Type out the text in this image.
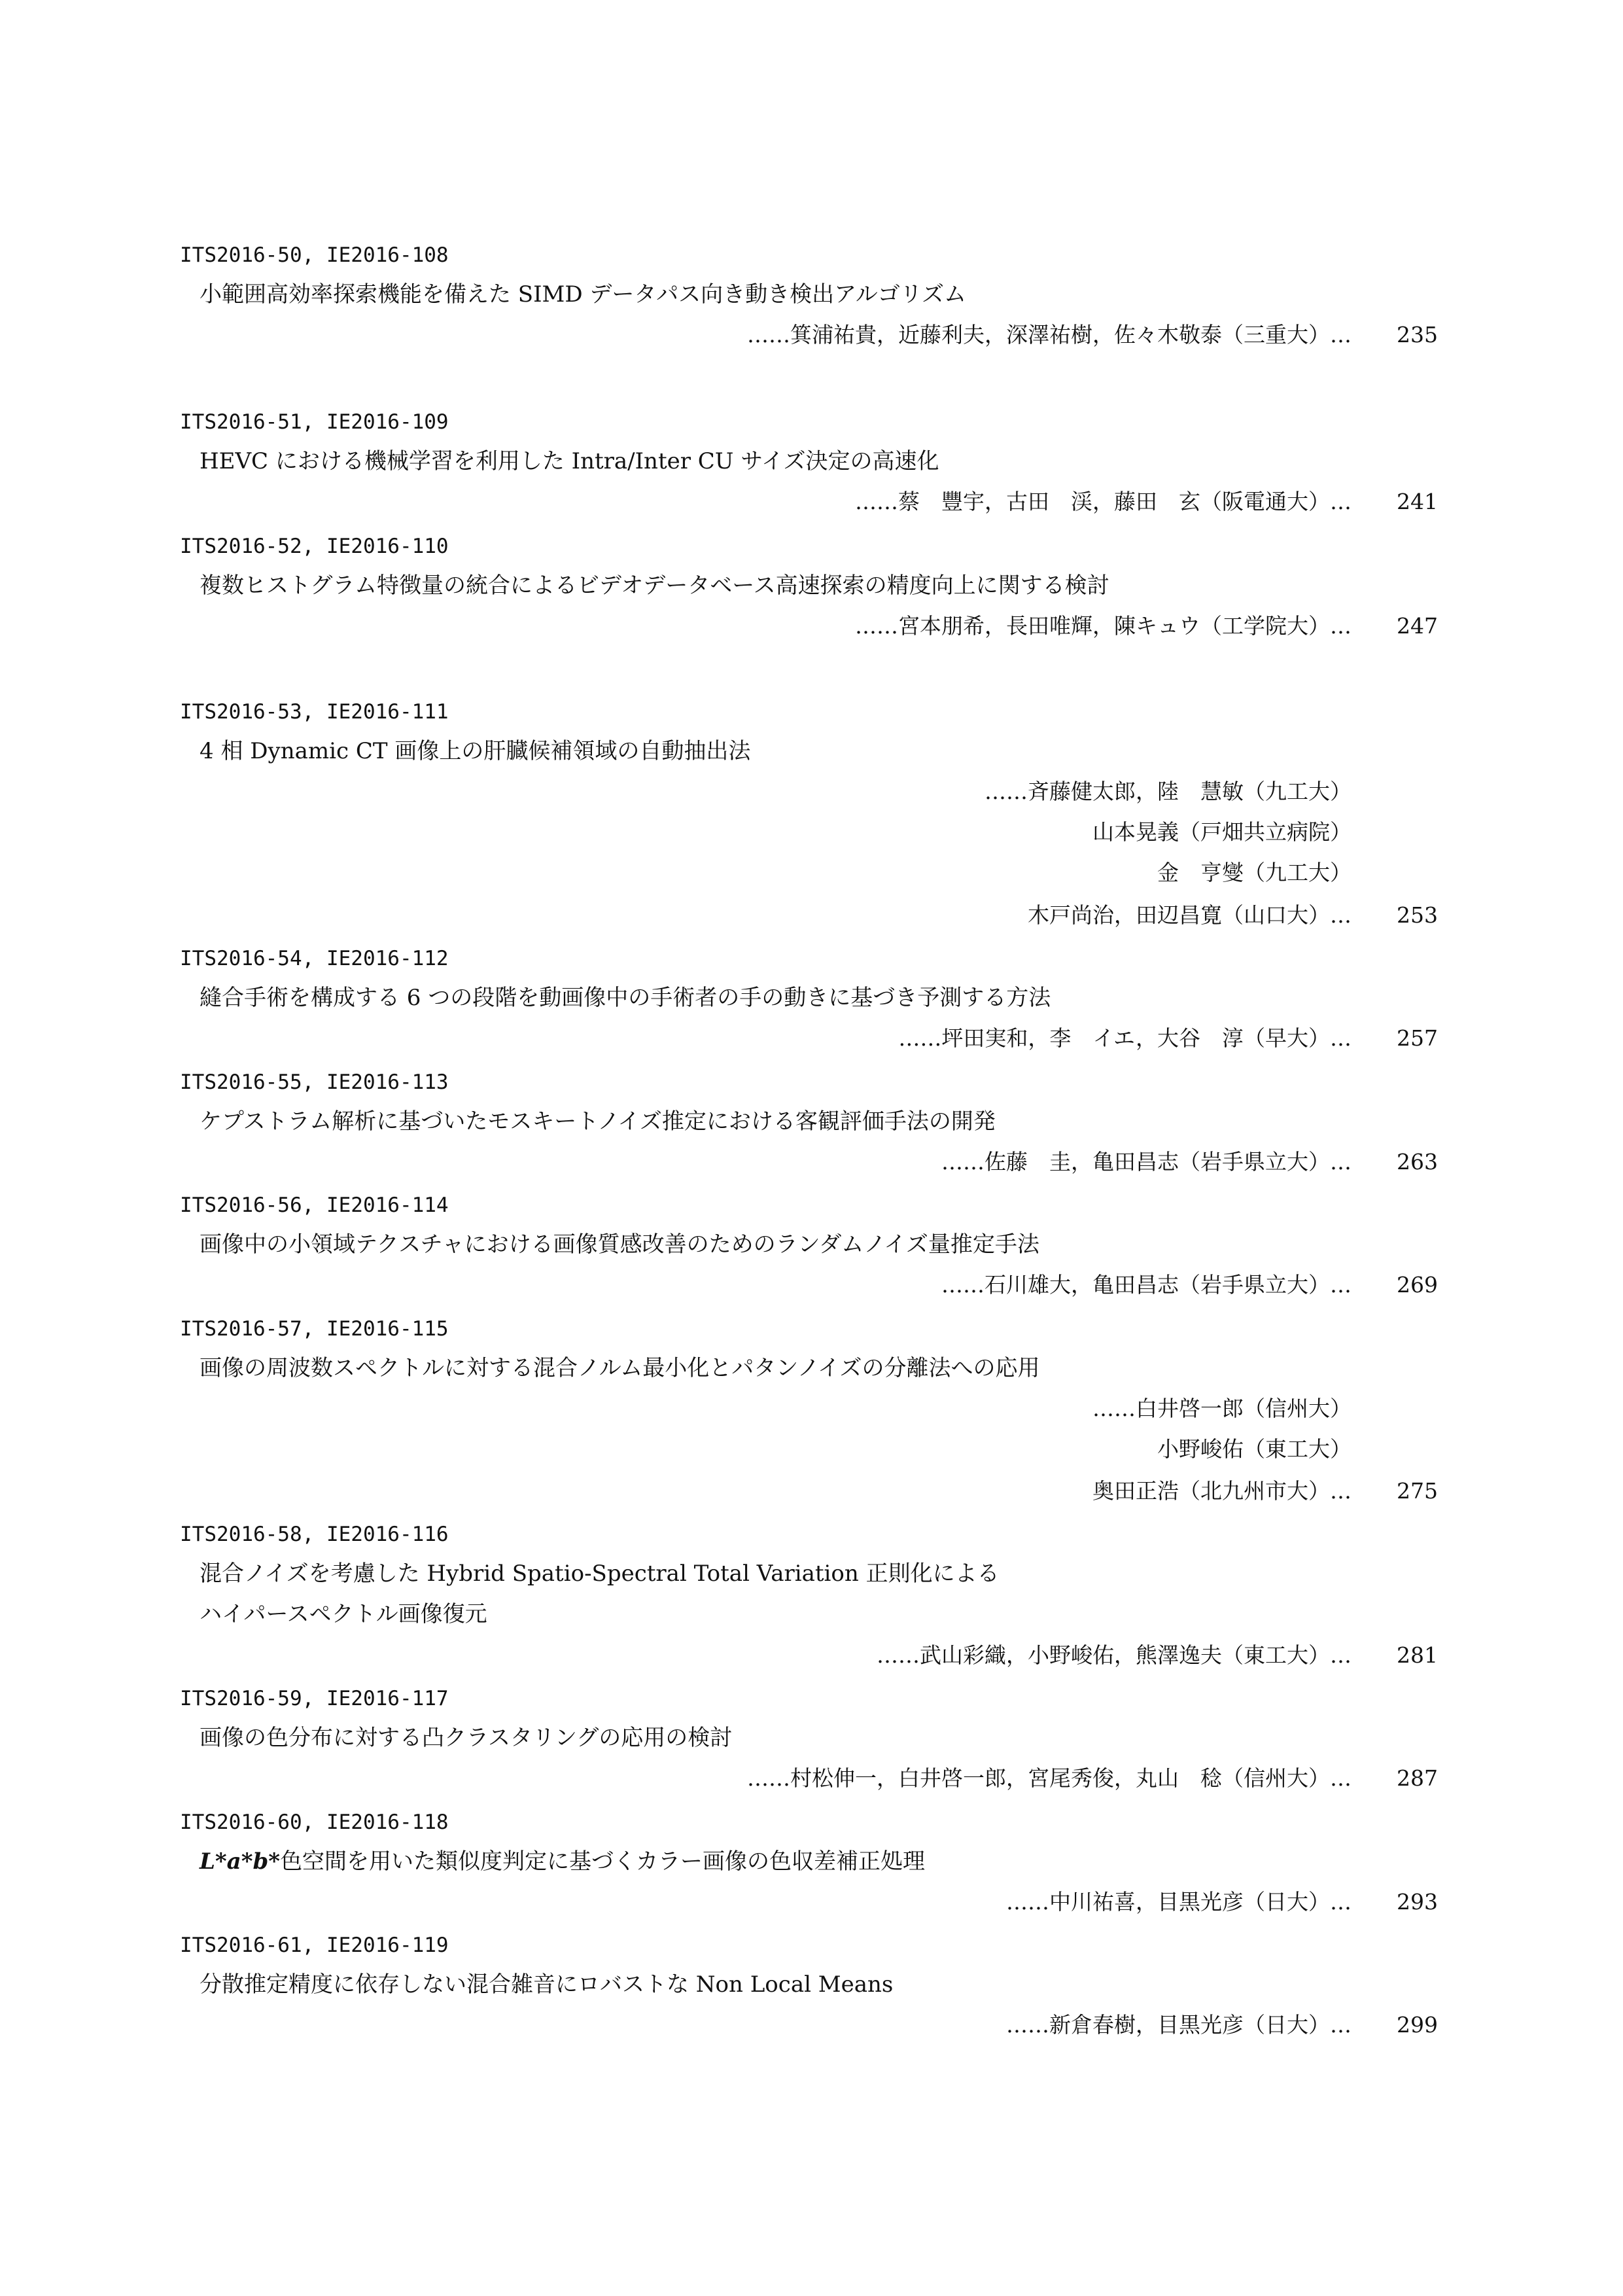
ITS2016-50, IE2016-108
小範囲高効率探索機能を備えた SIMD データパス向き動き検出アルゴリズム
……箕浦祐貴，近藤利夫，深澤祐樹，佐々木敬泰（三重大）… 235
ITS2016-51, IE2016-109
HEVC における機械学習を利用した Intra/Inter CU サイズ決定の高速化
……蔡　豐宇，古田　渓，藤田　玄（阪電通大）… 241
ITS2016-52, IE2016-110
複数ヒストグラム特徴量の統合によるビデオデータベース高速探索の精度向上に関する検討
……宮本朋希，長田唯輝，陳キュウ（工学院大）… 247
ITS2016-53, IE2016-111
4 相 Dynamic CT 画像上の肝臓候補領域の自動抽出法
……斉藤健太郎，陸　慧敏（九工大）
山本晃義（戸畑共立病院）
金　亨燮（九工大）
木戸尚治，田辺昌寛（山口大）… 253
ITS2016-54, IE2016-112
縫合手術を構成する 6 つの段階を動画像中の手術者の手の動きに基づき予測する方法
……坪田実和，李　イエ，大谷　淳（早大）… 257
ITS2016-55, IE2016-113
ケプストラム解析に基づいたモスキートノイズ推定における客観評価手法の開発
……佐藤　圭，亀田昌志（岩手県立大）… 263
ITS2016-56, IE2016-114
画像中の小領域テクスチャにおける画像質感改善のためのランダムノイズ量推定手法
……石川雄大，亀田昌志（岩手県立大）… 269
ITS2016-57, IE2016-115
画像の周波数スペクトルに対する混合ノルム最小化とパタンノイズの分離法への応用
……白井啓一郎（信州大）
小野峻佑（東工大）
奥田正浩（北九州市大）… 275
ITS2016-58, IE2016-116
混合ノイズを考慮した Hybrid Spatio-Spectral Total Variation 正則化による
ハイパースペクトル画像復元
……武山彩織，小野峻佑，熊澤逸夫（東工大）… 281
ITS2016-59, IE2016-117
画像の色分布に対する凸クラスタリングの応用の検討
……村松伸一，白井啓一郎，宮尾秀俊，丸山　稔（信州大）… 287
ITS2016-60, IE2016-118
L*a*b*色空間を用いた類似度判定に基づくカラー画像の色収差補正処理
……中川祐喜，目黒光彦（日大）… 293
ITS2016-61, IE2016-119
分散推定精度に依存しない混合雑音にロバストな Non Local Means
……新倉春樹，目黒光彦（日大）… 299
